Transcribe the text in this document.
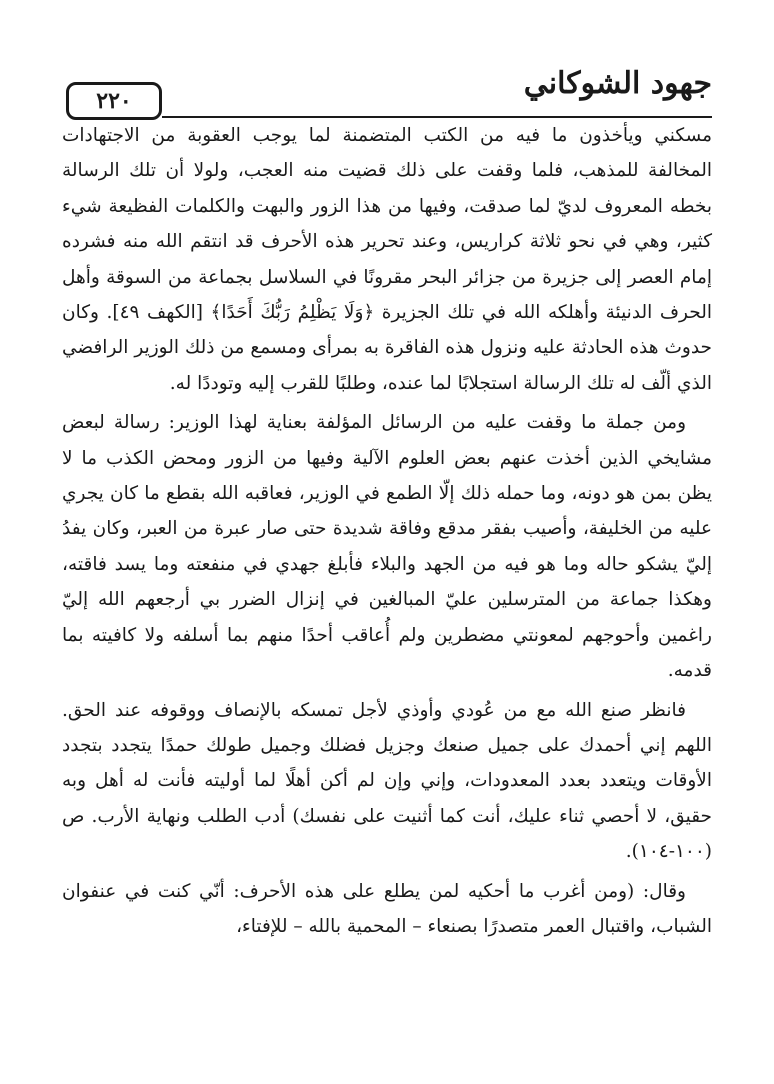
٢٢٠	جهود الشوكاني

مسكني ويأخذون ما فيه من الكتب المتضمنة لما يوجب العقوبة من الاجتهادات المخالفة للمذهب، فلما وقفت على ذلك قضيت منه العجب، ولولا أن تلك الرسالة بخطه المعروف لديّ لما صدقت، وفيها من هذا الزور والبهت والكلمات الفظيعة شيء كثير، وهي في نحو ثلاثة كراريس، وعند تحرير هذه الأحرف قد انتقم الله منه فشرده إمام العصر إلى جزيرة من جزائر البحر مقرونًا في السلاسل بجماعة من السوقة وأهل الحرف الدنيئة وأهلكه الله في تلك الجزيرة ﴿وَلَا يَظْلِمُ رَبُّكَ أَحَدًا﴾ [الكهف ٤٩]. وكان حدوث هذه الحادثة عليه ونزول هذه الفاقرة به بمرأى ومسمع من ذلك الوزير الرافضي الذي ألّف له تلك الرسالة استجلابًا لما عنده، وطلبًا للقرب إليه وتوددًا له.

ومن جملة ما وقفت عليه من الرسائل المؤلفة بعناية لهذا الوزير: رسالة لبعض مشايخي الذين أخذت عنهم بعض العلوم الآلية وفيها من الزور ومحض الكذب ما لا يظن بمن هو دونه، وما حمله ذلك إلّا الطمع في الوزير، فعاقبه الله بقطع ما كان يجري عليه من الخليفة، وأصيب بفقر مدقع وفاقة شديدة حتى صار عبرة من العبر، وكان يفدُ إليّ يشكو حاله وما هو فيه من الجهد والبلاء فأبلغ جهدي في منفعته وما يسد فاقته، وهكذا جماعة من المترسلين عليّ المبالغين في إنزال الضرر بي أرجعهم الله إليّ راغمين وأحوجهم لمعونتي مضطرين ولم أُعاقب أحدًا منهم بما أسلفه ولا كافيته بما قدمه.

فانظر صنع الله مع من عُودي وأوذي لأجل تمسكه بالإنصاف ووقوفه عند الحق. اللهم إني أحمدك على جميل صنعك وجزيل فضلك وجميل طولك حمدًا يتجدد بتجدد الأوقات ويتعدد بعدد المعدودات، وإني وإن لم أكن أهلًا لما أوليته فأنت له أهل وبه حقيق، لا أحصي ثناء عليك، أنت كما أثنيت على نفسك) أدب الطلب ونهاية الأرب. ص (١٠٠-١٠٤).

وقال: (ومن أغرب ما أحكيه لمن يطلع على هذه الأحرف: أنّي كنت في عنفوان الشباب، واقتبال العمر متصدرًا بصنعاء – المحمية بالله – للإفتاء،
